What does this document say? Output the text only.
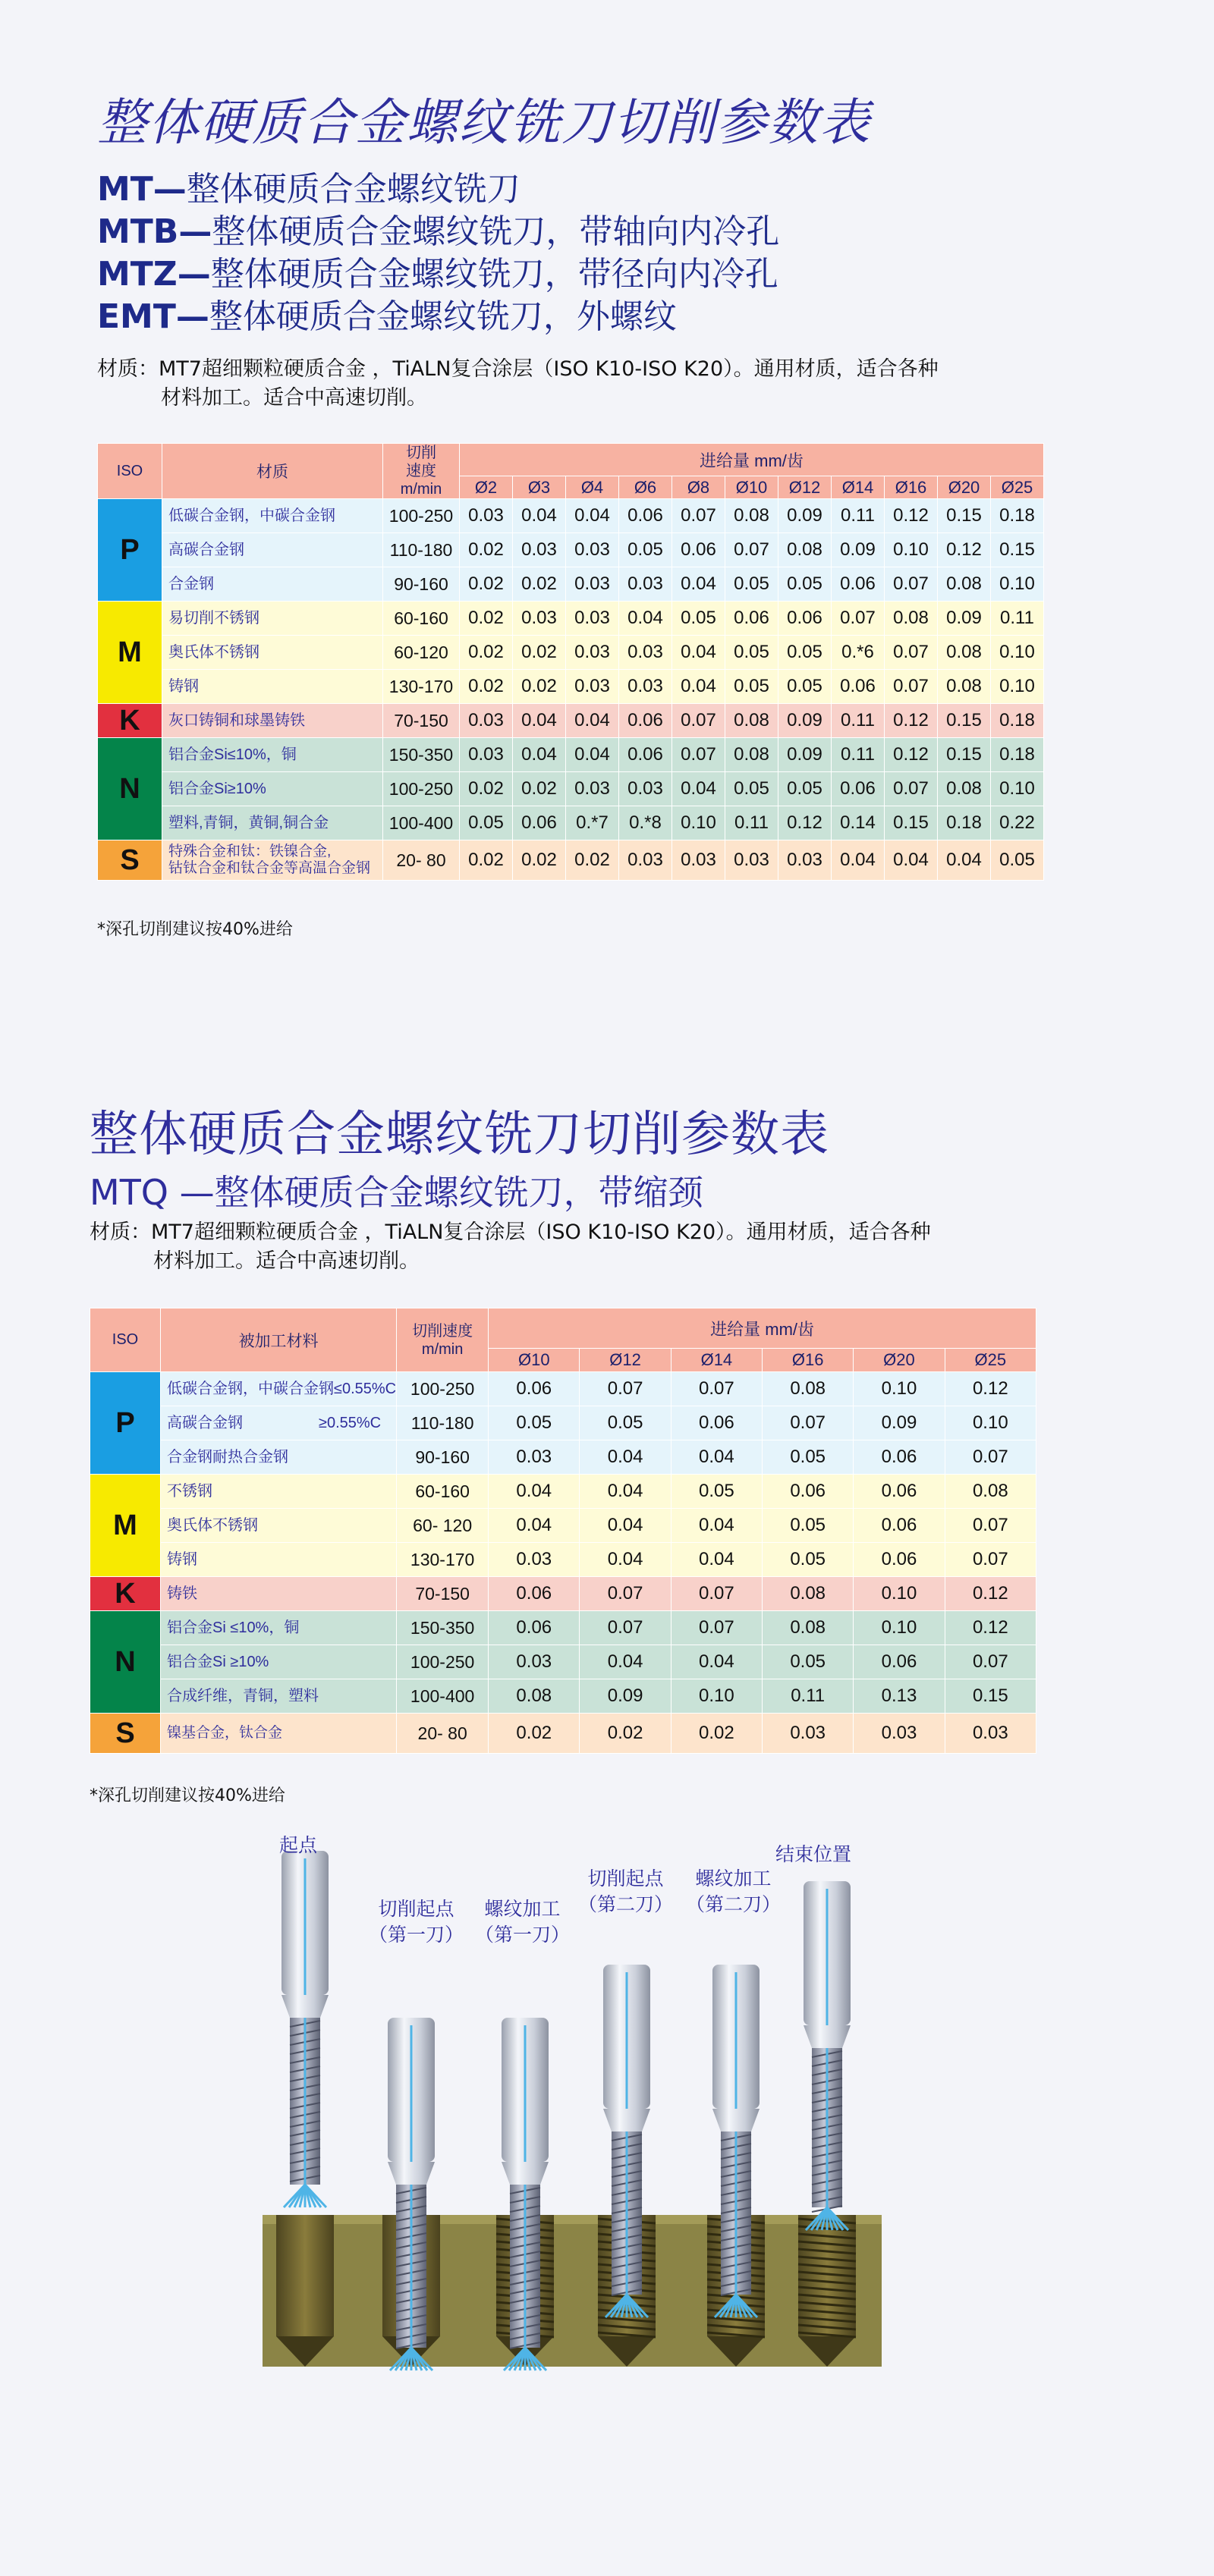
整体硬质合金螺纹铣刀切削参数表
MT—整体硬质合金螺纹铣刀
MTB—整体硬质合金螺纹铣刀，带轴向内冷孔
MTZ—整体硬质合金螺纹铣刀，带径向内冷孔
EMT—整体硬质合金螺纹铣刀，外螺纹
材质：MT7超细颗粒硬质合金 ，TiALN复合涂层（ISO K10-ISO K20）。通用材质，适合各种
材料加工。适合中高速切削。
ISO	材质	切削
速度
m/min	进给量 mm/齿										
			Ø2	Ø3	Ø4	Ø6	Ø8	Ø10	Ø12	Ø14	Ø16	Ø20	Ø25
P	低碳合金钢，中碳合金钢	100-250	0.03	0.04	0.04	0.06	0.07	0.08	0.09	0.11	0.12	0.15	0.18
	高碳合金钢	110-180	0.02	0.03	0.03	0.05	0.06	0.07	0.08	0.09	0.10	0.12	0.15
	合金钢	90-160	0.02	0.02	0.03	0.03	0.04	0.05	0.05	0.06	0.07	0.08	0.10
M	易切削不锈钢	60-160	0.02	0.03	0.03	0.04	0.05	0.06	0.06	0.07	0.08	0.09	0.11
	奥氏体不锈钢	60-120	0.02	0.02	0.03	0.03	0.04	0.05	0.05	0.*6	0.07	0.08	0.10
	铸钢	130-170	0.02	0.02	0.03	0.03	0.04	0.05	0.05	0.06	0.07	0.08	0.10
K	灰口铸铜和球墨铸铁	70-150	0.03	0.04	0.04	0.06	0.07	0.08	0.09	0.11	0.12	0.15	0.18
N	铝合金Si≤10%，铜	150-350	0.03	0.04	0.04	0.06	0.07	0.08	0.09	0.11	0.12	0.15	0.18
	铝合金Si≥10%	100-250	0.02	0.02	0.03	0.03	0.04	0.05	0.05	0.06	0.07	0.08	0.10
	塑料,青铜，黄铜,铜合金	100-400	0.05	0.06	0.*7	0.*8	0.10	0.11	0.12	0.14	0.15	0.18	0.22
S	特殊合金和钛：铁镍合金,
钴钛合金和钛合金等高温合金钢	20- 80	0.02	0.02	0.02	0.03	0.03	0.03	0.03	0.04	0.04	0.04	0.05
*深孔切削建议按40%进给
整体硬质合金螺纹铣刀切削参数表
MTQ —整体硬质合金螺纹铣刀，带缩颈
材质：MT7超细颗粒硬质合金 ，TiALN复合涂层（ISO K10-ISO K20）。通用材质，适合各种
材料加工。适合中高速切削。
ISO	被加工材料	切削速度
m/min	进给量 mm/齿					
			Ø10	Ø12	Ø14	Ø16	Ø20	Ø25
P	低碳合金钢，中碳合金钢≤0.55%C	100-250	0.06	0.07	0.07	0.08	0.10	0.12
	高碳合金钢　　　　　≥0.55%C	110-180	0.05	0.05	0.06	0.07	0.09	0.10
	合金钢耐热合金钢	90-160	0.03	0.04	0.04	0.05	0.06	0.07
M	不锈钢	60-160	0.04	0.04	0.05	0.06	0.06	0.08
	奥氏体不锈钢	60- 120	0.04	0.04	0.04	0.05	0.06	0.07
	铸钢	130-170	0.03	0.04	0.04	0.05	0.06	0.07
K	铸铁	70-150	0.06	0.07	0.07	0.08	0.10	0.12
N	铝合金Si ≤10%，铜	150-350	0.06	0.07	0.07	0.08	0.10	0.12
	铝合金Si ≥10%	100-250	0.03	0.04	0.04	0.05	0.06	0.07
	合成纤维，青铜，塑料	100-400	0.08	0.09	0.10	0.11	0.13	0.15
S	镍基合金，钛合金	20- 80	0.02	0.02	0.02	0.03	0.03	0.03
*深孔切削建议按40%进给
起点
切削起点
（第一刀）
螺纹加工
（第一刀）
切削起点
（第二刀）
螺纹加工
（第二刀）
结束位置
